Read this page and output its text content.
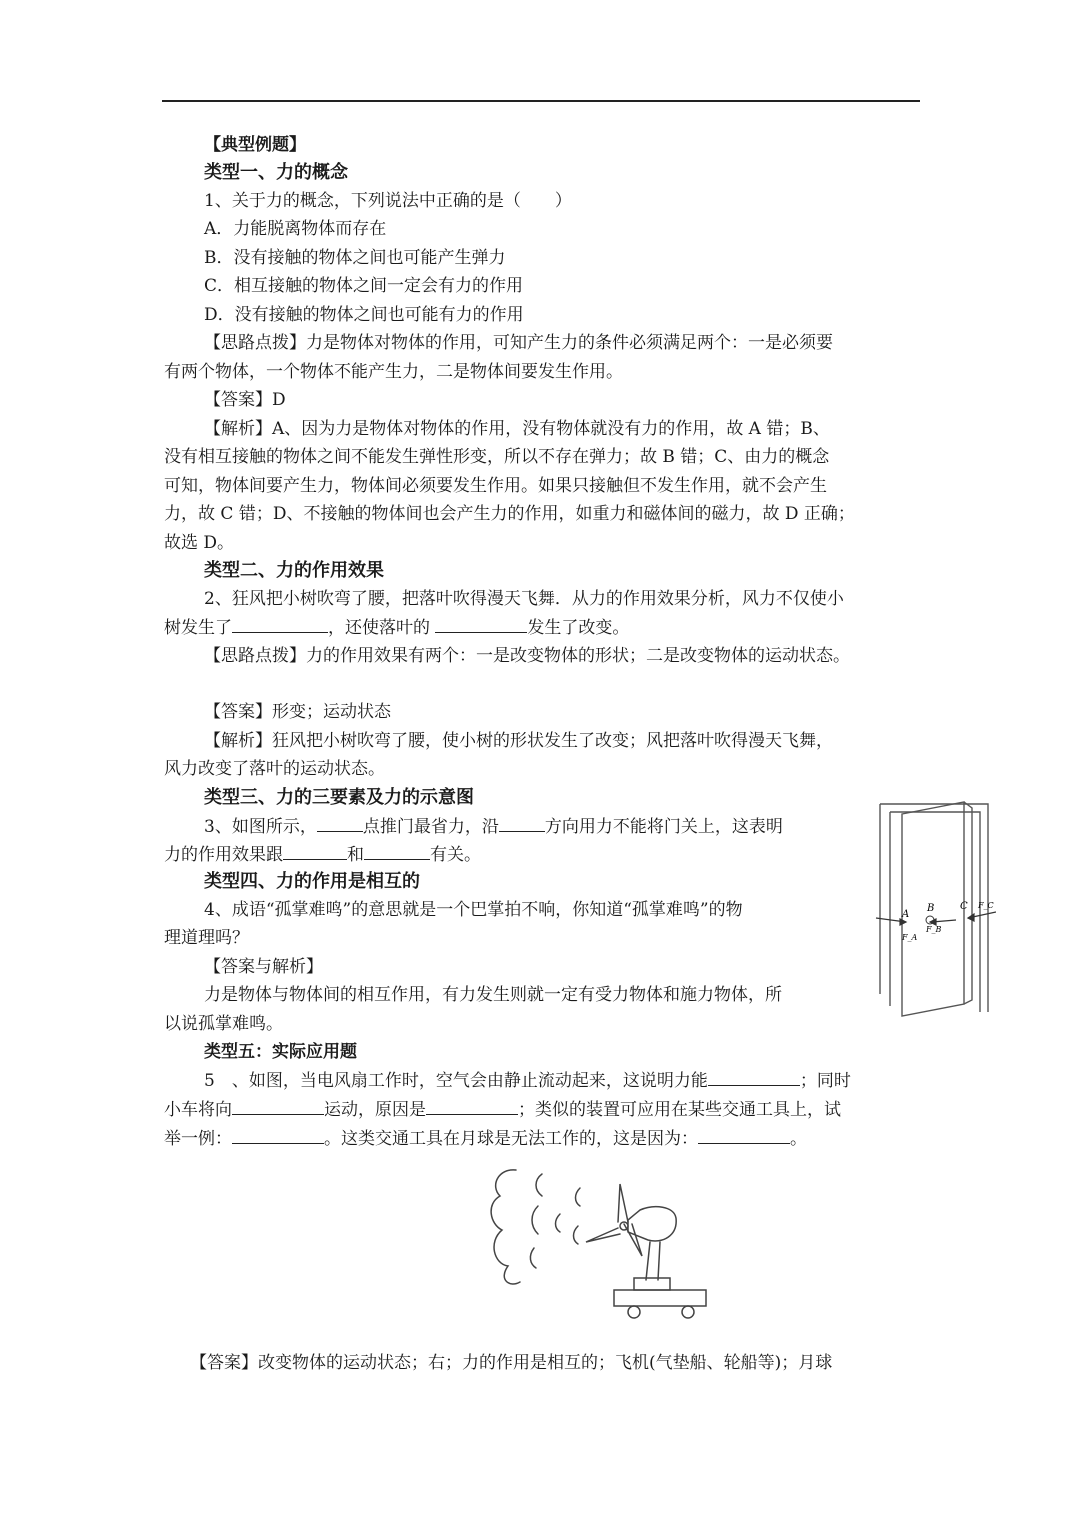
【典型例题】
类型一、力的概念
1、关于力的概念，下列说法中正确的是（　　）
A．力能脱离物体而存在
B．没有接触的物体之间也可能产生弹力
C．相互接触的物体之间一定会有力的作用
D．没有接触的物体之间也可能有力的作用
【思路点拨】力是物体对物体的作用，可知产生力的条件必须满足两个：一是必须要
有两个物体，一个物体不能产生力，二是物体间要发生作用。
【答案】D
【解析】A、因为力是物体对物体的作用，没有物体就没有力的作用，故 A 错；B、
没有相互接触的物体之间不能发生弹性形变，所以不存在弹力；故 B 错；C、由力的概念
可知，物体间要产生力，物体间必须要发生作用。如果只接触但不发生作用，就不会产生
力，故 C 错；D、不接触的物体间也会产生力的作用，如重力和磁体间的磁力，故 D 正确；
故选 D。
类型二、力的作用效果
2、狂风把小树吹弯了腰，把落叶吹得漫天飞舞．从力的作用效果分析，风力不仅使小
树发生了	，还使落叶的	发生了改变。
【思路点拨】力的作用效果有两个：一是改变物体的形状；二是改变物体的运动状态。
【答案】形变；运动状态
【解析】狂风把小树吹弯了腰，使小树的形状发生了改变；风把落叶吹得漫天飞舞，
风力改变了落叶的运动状态。
类型三、力的三要素及力的示意图
3、如图所示，	点推门最省力，沿	方向用力不能将门关上，这表明
力的作用效果跟	和	有关。
A
B	C
F_A
F_B
F_C
类型四、力的作用是相互的
4、成语“孤掌难鸣”的意思就是一个巴掌拍不响，你知道“孤掌难鸣”的物
理道理吗？
【答案与解析】
力是物体与物体间的相互作用，有力发生则就一定有受力物体和施力物体，所
以说孤掌难鸣。
类型五：实际应用题
5　、如图，当电风扇工作时，空气会由静止流动起来，这说明力能	；同时
小车将向	运动，原因是	；类似的装置可应用在某些交通工具上，试
举一例：	。这类交通工具在月球是无法工作的，这是因为：	。
【答案】改变物体的运动状态；右；力的作用是相互的；飞机(气垫船、轮船等)；月球
